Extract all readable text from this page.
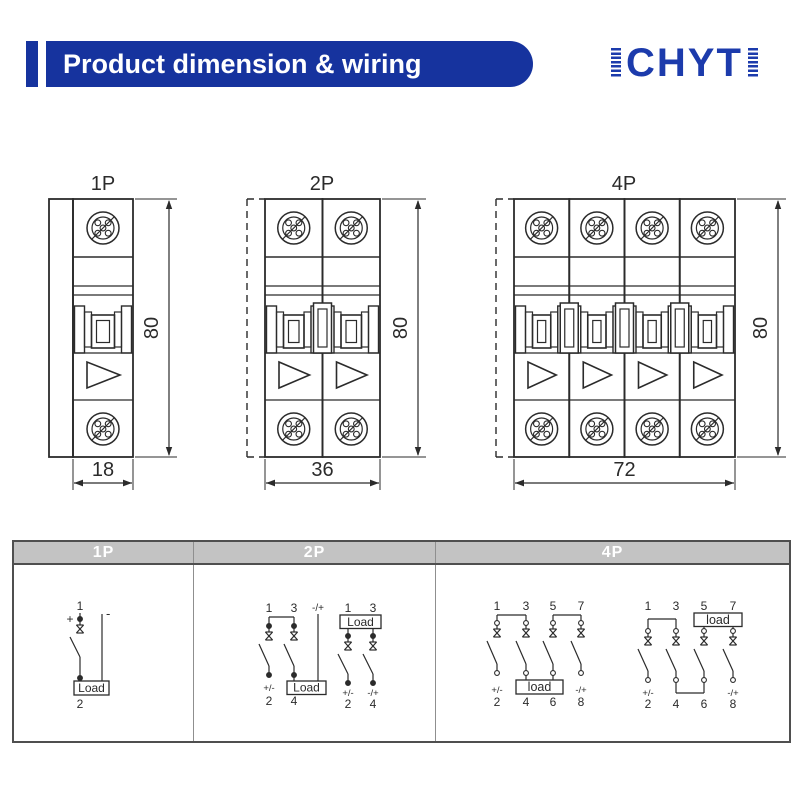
Product dimension & wiring	CHYT
1P
80
18
2P
80
36
4P
80
72
1P	2P	4P
1
+
Load
2
-	1 3
+/-
2
Load
4
-/+ 1 3
Load
+/- -/+
2 4
1 3 5 7
load
+/-	-/+
2 4 6 8
1 3 5 7
load
+/-	-/+
2 4 6 8
